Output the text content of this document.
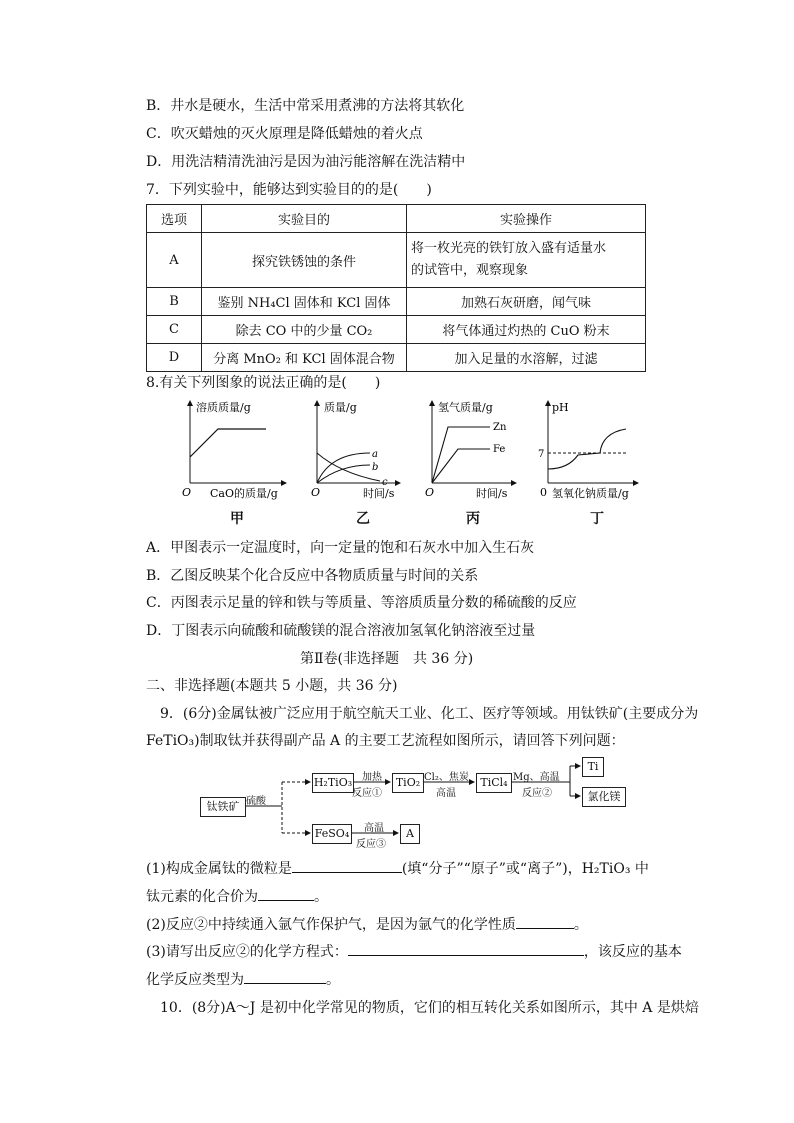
B．井水是硬水，生活中常采用煮沸的方法将其软化
C．吹灭蜡烛的灭火原理是降低蜡烛的着火点
D．用洗洁精清洗油污是因为油污能溶解在洗洁精中
7．下列实验中，能够达到实验目的的是(　　)
选项	实验目的	实验操作
A	探究铁锈蚀的条件	将一枚光亮的铁钉放入盛有适量水
的试管中，观察现象

B	鉴别 NH₄Cl 固体和 KCl 固体	加熟石灰研磨，闻气味
C	除去 CO 中的少量 CO₂	将气体通过灼热的 CuO 粉末
D	分离 MnO₂ 和 KCl 固体混合物	加入足量的水溶解，过滤
8.有关下列图象的说法正确的是(　　)
溶质质量/g
O CaO的质量/g
质量/g
a
b
c
O	时间/s
氢气质量/g
Zn
Fe
O	时间/s
pH
7
0 氢氧化钠质量/g
甲	乙	丙	丁
A．甲图表示一定温度时，向一定量的饱和石灰水中加入生石灰
B．乙图反映某个化合反应中各物质质量与时间的关系
C．丙图表示足量的锌和铁与等质量、等溶质质量分数的稀硫酸的反应
D．丁图表示向硫酸和硫酸镁的混合溶液加氢氧化钠溶液至过量
第Ⅱ卷(非选择题　共 36 分)
二、非选择题(本题共 5 小题，共 36 分)
9．(6分)金属钛被广泛应用于航空航天工业、化工、医疗等领域。用钛铁矿(主要成分为
FeTiO₃)制取钛并获得副产品 A 的主要工艺流程如图所示，请回答下列问题：
钛铁矿 硫酸
H₂TiO₃ 加热
反应①
TiO₂ Cl₂、焦炭
高温
TiCl₄ Mg、高温
反应②
Ti
氯化镁
FeSO₄ 高温
反应③
A
(1)构成金属钛的微粒是	(填“分子”“原子”或“离子”)，H₂TiO₃ 中
钛元素的化合价为	。
(2)反应②中持续通入氩气作保护气，是因为氩气的化学性质	。
(3)请写出反应②的化学方程式：	，该反应的基本
化学反应类型为	。
10．(8分)A～J 是初中化学常见的物质，它们的相互转化关系如图所示，其中 A 是烘焙
